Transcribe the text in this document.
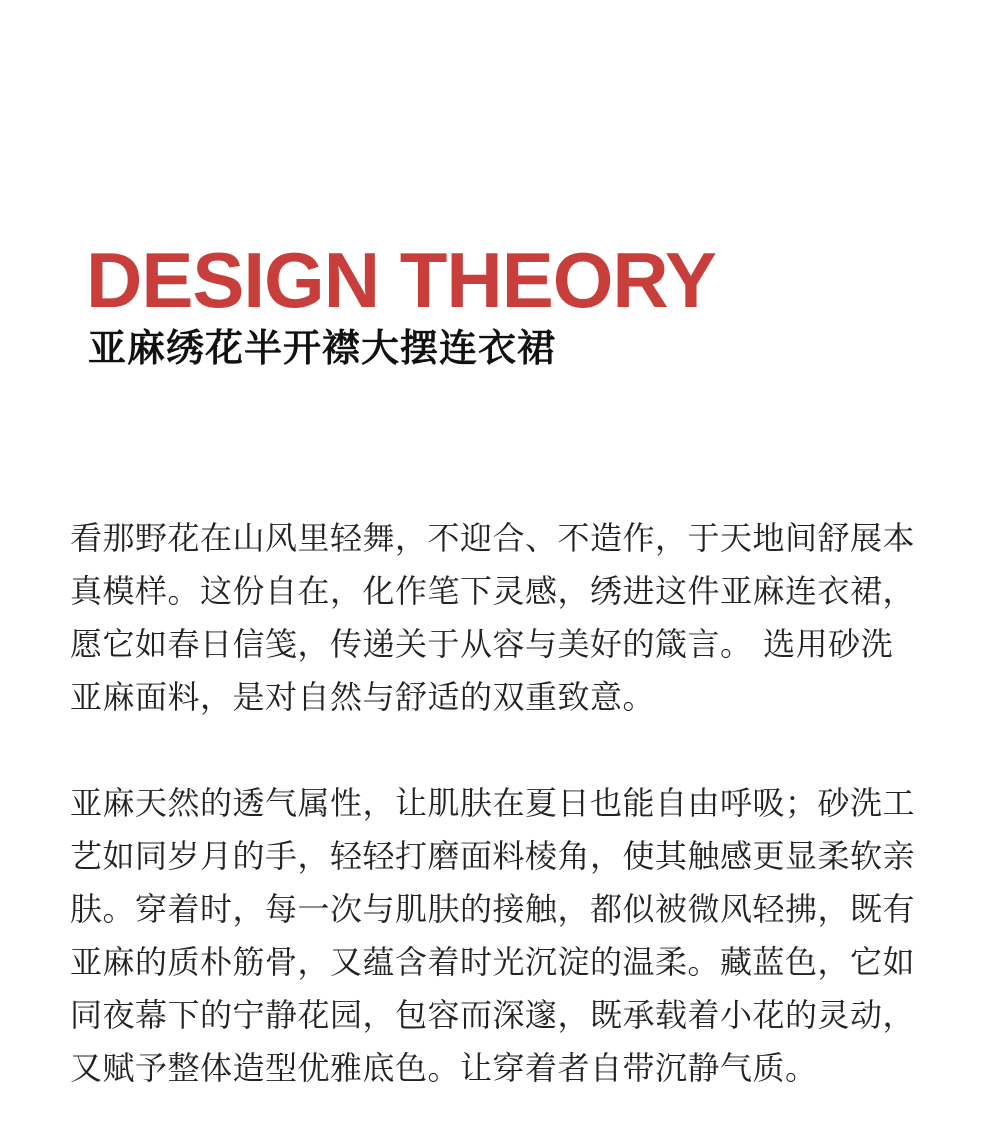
DESIGN THEORY
亚麻绣花半开襟大摆连衣裙

看那野花在山风里轻舞，不迎合、不造作，于天地间舒展本真模样。这份自在，化作笔下灵感，绣进这件亚麻连衣裙，愿它如春日信笺，传递关于从容与美好的箴言。 选用砂洗亚麻面料，是对自然与舒适的双重致意。

亚麻天然的透气属性，让肌肤在夏日也能自由呼吸；砂洗工艺如同岁月的手，轻轻打磨面料棱角，使其触感更显柔软亲肤。穿着时，每一次与肌肤的接触，都似被微风轻拂，既有亚麻的质朴筋骨，又蕴含着时光沉淀的温柔。藏蓝色，它如同夜幕下的宁静花园，包容而深邃，既承载着小花的灵动，又赋予整体造型优雅底色。让穿着者自带沉静气质。
